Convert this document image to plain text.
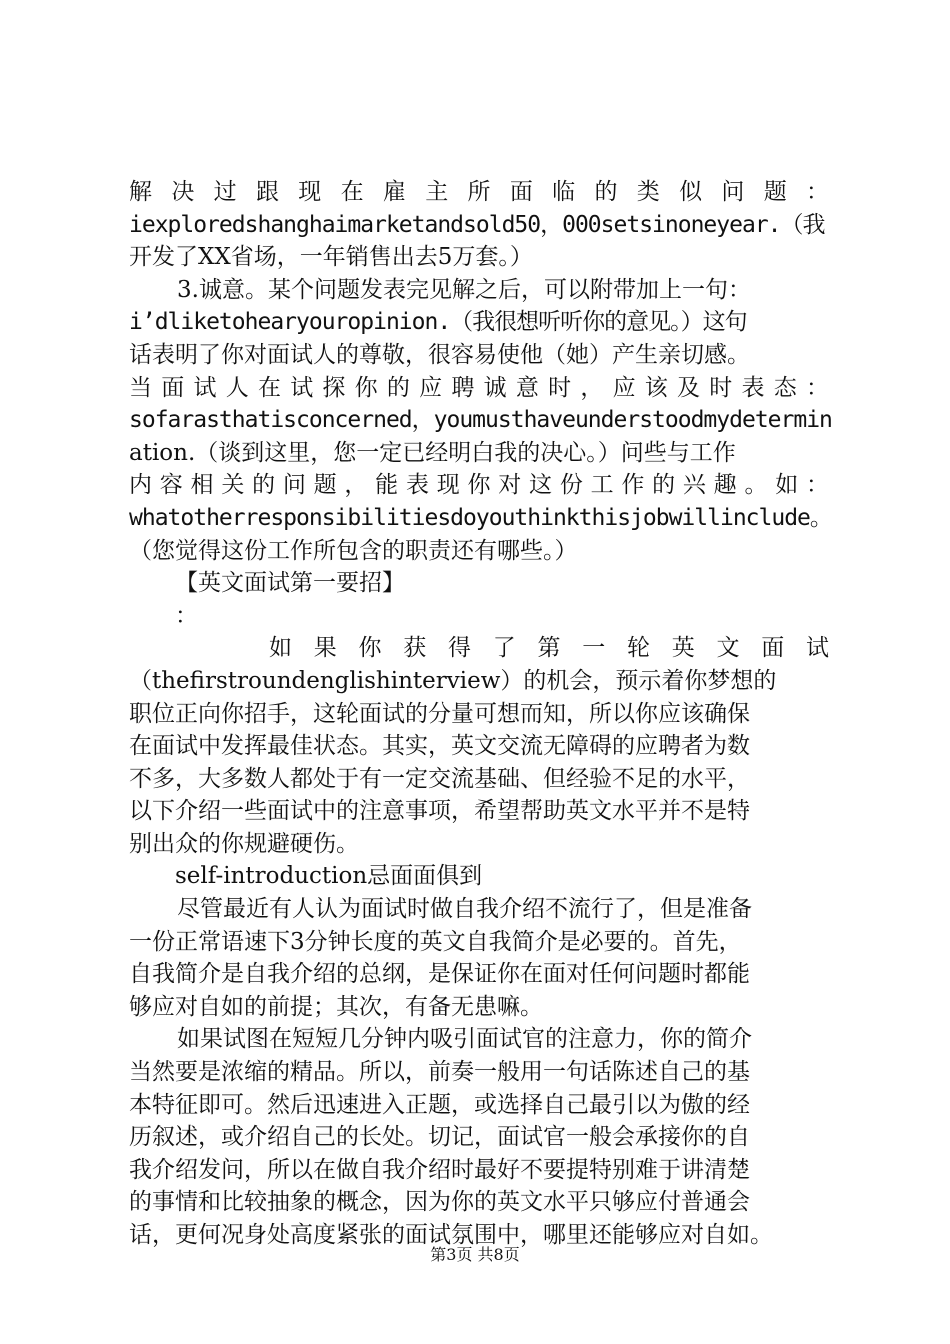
解决过跟现在雇主所面临的类似问题：
iexploredshanghaimarketandsold50，000setsinoneyear.（我
开发了XX省场，一年销售出去5万套。）
3.诚意。某个问题发表完见解之后，可以附带加上一句：
i’dliketohearyouropinion.（我很想听听你的意见。）这句
话表明了你对面试人的尊敬，很容易使他（她）产生亲切感。
当面试人在试探你的应聘诚意时，应该及时表态：
sofarasthatisconcerned，youmusthaveunderstoodmydetermin
ation.（谈到这里，您一定已经明白我的决心。）问些与工作
内容相关的问题，能表现你对这份工作的兴趣。如：
whatotherresponsibilitiesdoyouthinkthisjobwillinclude。
（您觉得这份工作所包含的职责还有哪些。）
【英文面试第一要招】
：
如果你获得了第一轮英文面试
（thefirstroundenglishinterview）的机会，预示着你梦想的
职位正向你招手，这轮面试的分量可想而知，所以你应该确保
在面试中发挥最佳状态。其实，英文交流无障碍的应聘者为数
不多，大多数人都处于有一定交流基础、但经验不足的水平，
以下介绍一些面试中的注意事项，希望帮助英文水平并不是特
别出众的你规避硬伤。
self-introduction忌面面俱到
尽管最近有人认为面试时做自我介绍不流行了，但是准备
一份正常语速下3分钟长度的英文自我简介是必要的。首先，
自我简介是自我介绍的总纲，是保证你在面对任何问题时都能
够应对自如的前提；其次，有备无患嘛。
如果试图在短短几分钟内吸引面试官的注意力，你的简介
当然要是浓缩的精品。所以，前奏一般用一句话陈述自己的基
本特征即可。然后迅速进入正题，或选择自己最引以为傲的经
历叙述，或介绍自己的长处。切记，面试官一般会承接你的自
我介绍发问，所以在做自我介绍时最好不要提特别难于讲清楚
的事情和比较抽象的概念，因为你的英文水平只够应付普通会
话，更何况身处高度紧张的面试氛围中，哪里还能够应对自如。
第3页 共8页
